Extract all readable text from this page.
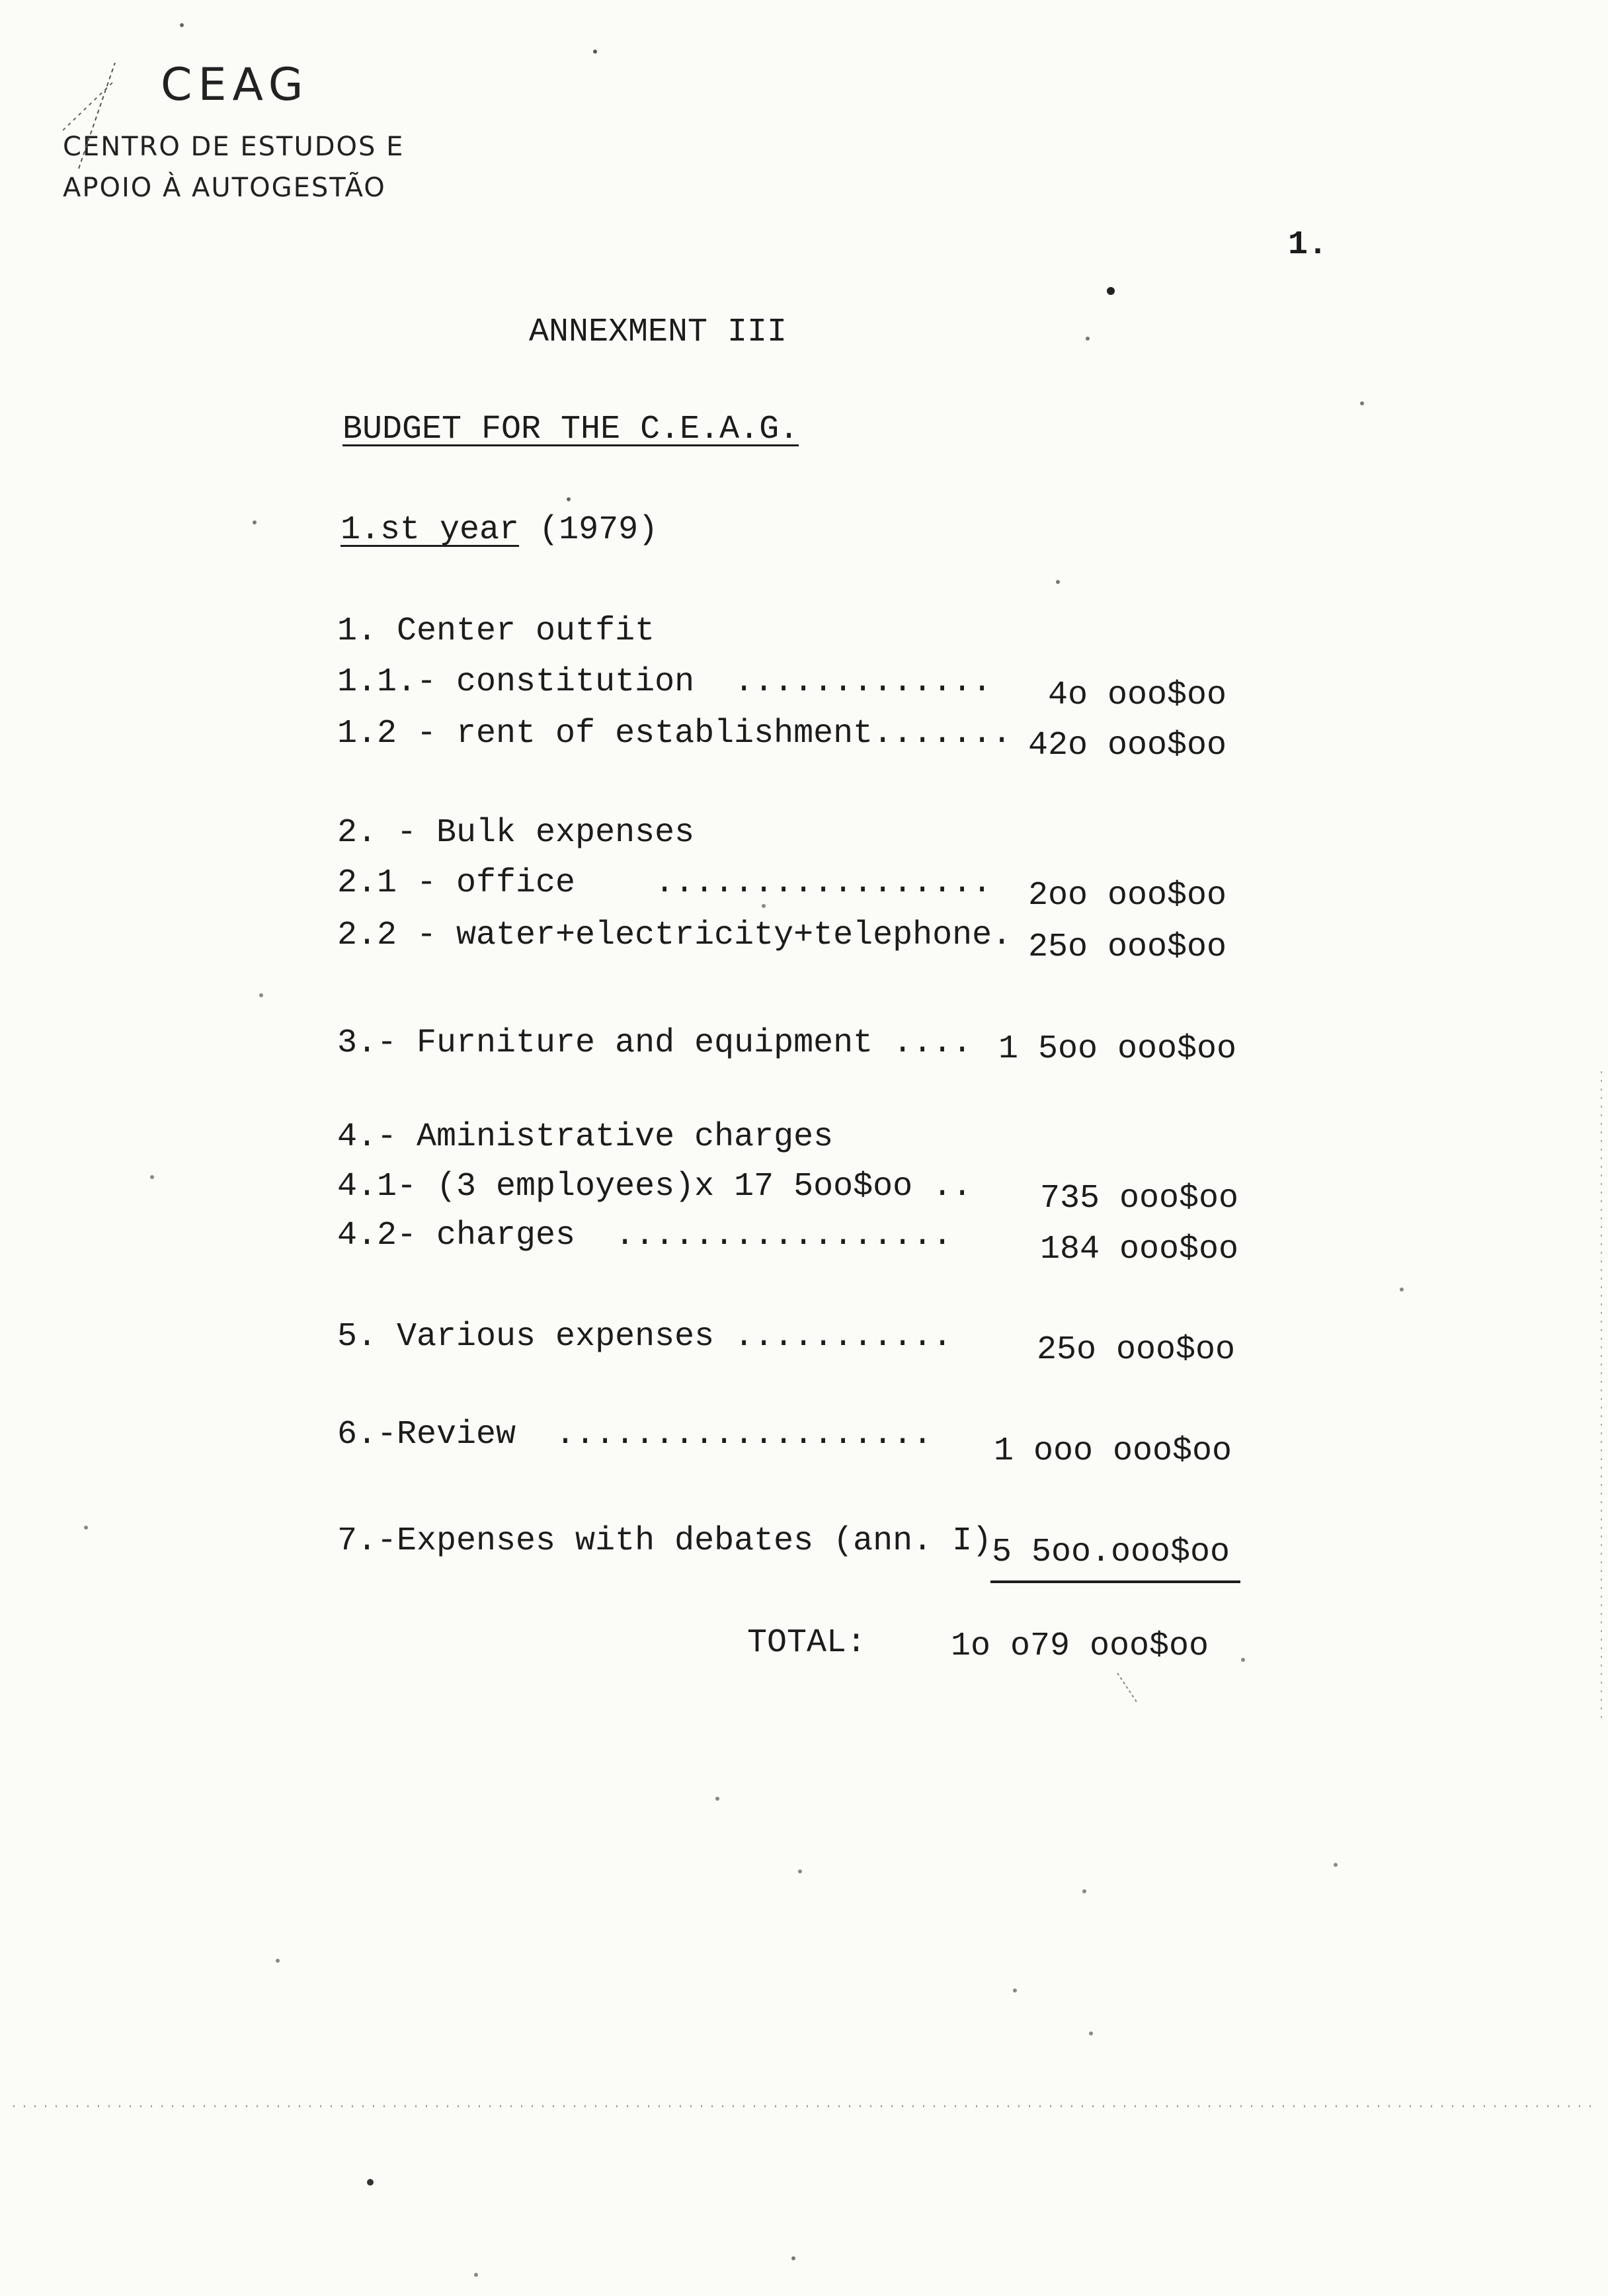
CEAG
CENTRO DE ESTUDOS E
APOIO À AUTOGESTÃO
1.
ANNEXMENT III
BUDGET FOR THE C.E.A.G.
1.st year (1979)
1. Center outfit
1.1.- constitution  ............. 4o ooo$oo
1.2 - rent of establishment....... 42o ooo$oo
2. - Bulk expenses
2.1 - office    ................. 2oo ooo$oo
2.2 - water+electricity+telephone. 25o ooo$oo
3.- Furniture and equipment .... 1 5oo ooo$oo
4.- Aministrative charges
4.1- (3 employees)x 17 5oo$oo .. 735 ooo$oo
4.2- charges  .................	184 ooo$oo
5. Various expenses ...........	25o ooo$oo
6.-Review  ................... 1 ooo ooo$oo
7.-Expenses with debates (ann. I) 5 5oo.ooo$oo
TOTAL:	1o o79 ooo$oo
